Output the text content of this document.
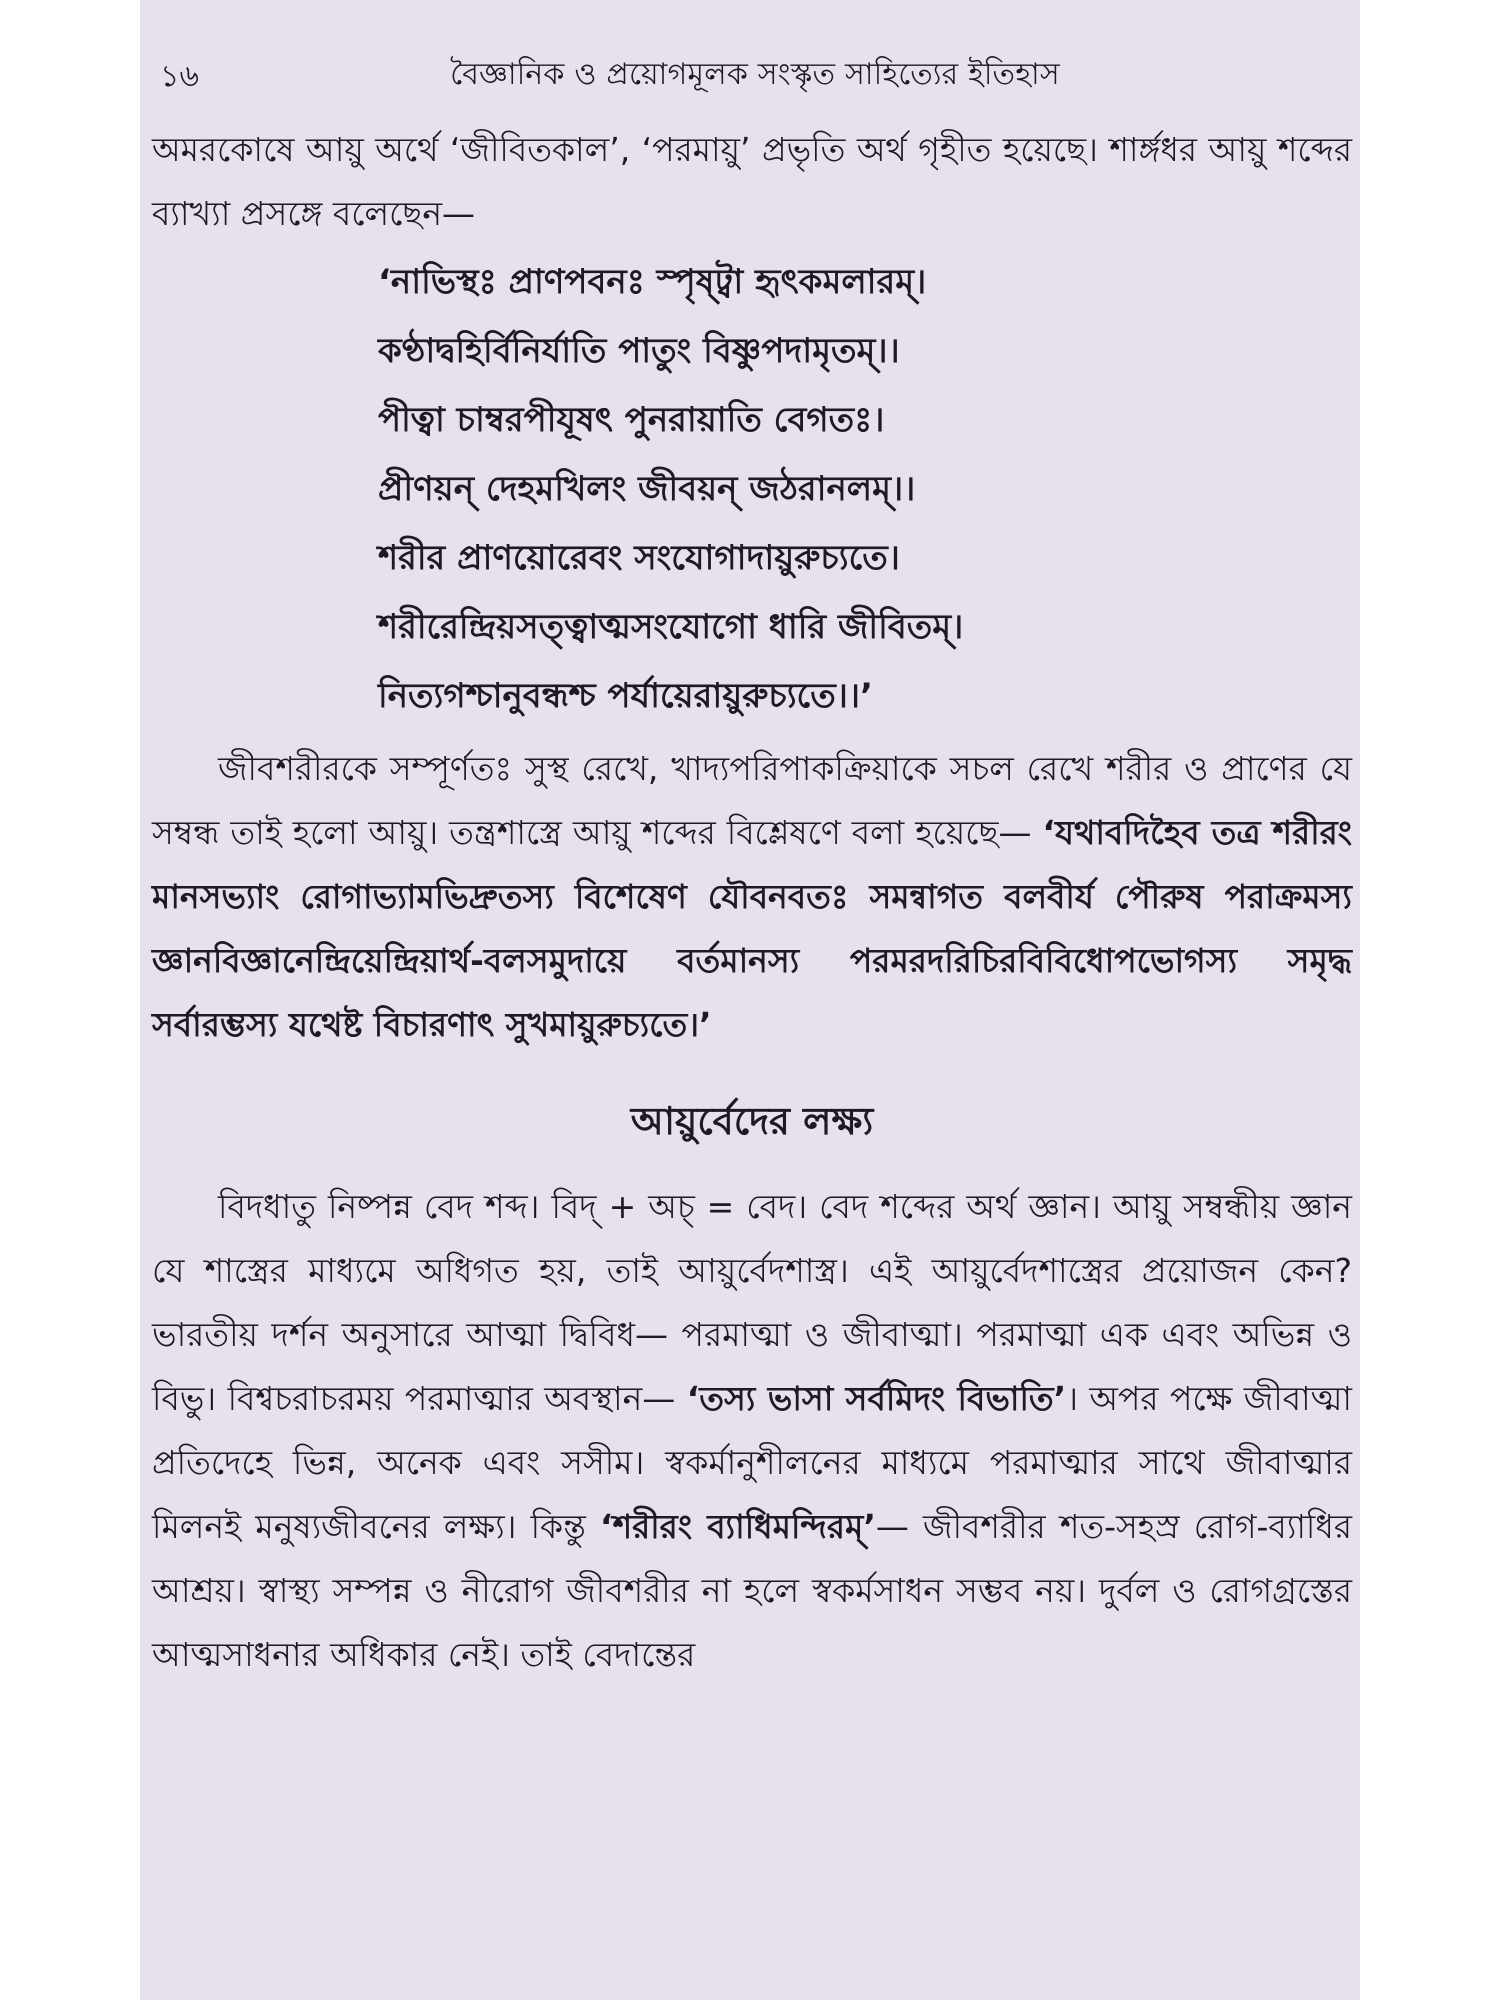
১৬	বৈজ্ঞানিক ও প্রয়োগমূলক সংস্কৃত সাহিত্যের ইতিহাস

অমরকোষে আয়ু অর্থে ‘জীবিতকাল’, ‘পরমায়ু’ প্রভৃতি অর্থ গৃহীত হয়েছে। শার্ঙ্গধর আয়ু শব্দের ব্যাখ্যা প্রসঙ্গে বলেছেন—

‘নাভিস্থঃ প্রাণপবনঃ স্পৃষ্ট্বা হৃৎকমলারম্।
কণ্ঠাদ্বহির্বিনির্যাতি পাতুং বিষ্ণুপদামৃতম্।।
পীত্বা চাম্বরপীযূষৎ পুনরায়াতি বেগতঃ।
প্রীণয়ন্ দেহমখিলং জীবয়ন্ জঠরানলম্।।
শরীর প্রাণয়োরেবং সংযোগাদায়ুরুচ্যতে।
শরীরেন্দ্রিয়সত্ত্বাত্মসংযোগো ধারি জীবিতম্।
নিত্যগশ্চানুবন্ধশ্চ পর্যায়েরায়ুরুচ্যতে।।’

জীবশরীরকে সম্পূর্ণতঃ সুস্থ রেখে, খাদ্যপরিপাকক্রিয়াকে সচল রেখে শরীর ও প্রাণের যে সম্বন্ধ তাই হলো আয়ু। তন্ত্রশাস্ত্রে আয়ু শব্দের বিশ্লেষণে বলা হয়েছে— ‘যথাবদিহৈব তত্র শরীরং মানসভ্যাং রোগাভ্যামভিদ্রুতস্য বিশেষেণ যৌবনবতঃ সমন্বাগত বলবীর্য পৌরুষ পরাক্রমস্য জ্ঞানবিজ্ঞানেন্দ্রিয়েন্দ্রিয়ার্থ-বলসমুদায়ে বর্তমানস্য পরমরদরিচিরবিবিধোপভোগস্য সমৃদ্ধ সর্বারম্ভস্য যথেষ্ট বিচারণাৎ সুখমায়ুরুচ্যতে।’

আয়ুর্বেদের লক্ষ্য

বিদধাতু নিষ্পন্ন বেদ শব্দ। বিদ্ + অচ্ = বেদ। বেদ শব্দের অর্থ জ্ঞান। আয়ু সম্বন্ধীয় জ্ঞান যে শাস্ত্রের মাধ্যমে অধিগত হয়, তাই আয়ুর্বেদশাস্ত্র। এই আয়ুর্বেদশাস্ত্রের প্রয়োজন কেন? ভারতীয় দর্শন অনুসারে আত্মা দ্বিবিধ— পরমাত্মা ও জীবাত্মা। পরমাত্মা এক এবং অভিন্ন ও বিভু। বিশ্বচরাচরময় পরমাত্মার অবস্থান— ‘তস্য ভাসা সর্বমিদং বিভাতি’। অপর পক্ষে জীবাত্মা প্রতিদেহে ভিন্ন, অনেক এবং সসীম। স্বকর্মানুশীলনের মাধ্যমে পরমাত্মার সাথে জীবাত্মার মিলনই মনুষ্যজীবনের লক্ষ্য। কিন্তু ‘শরীরং ব্যাধিমন্দিরম্’— জীবশরীর শত-সহস্র রোগ-ব্যাধির আশ্রয়। স্বাস্থ্য সম্পন্ন ও নীরোগ জীবশরীর না হলে স্বকর্মসাধন সম্ভব নয়। দুর্বল ও রোগগ্রস্তের আত্মসাধনার অধিকার নেই। তাই বেদান্তের
